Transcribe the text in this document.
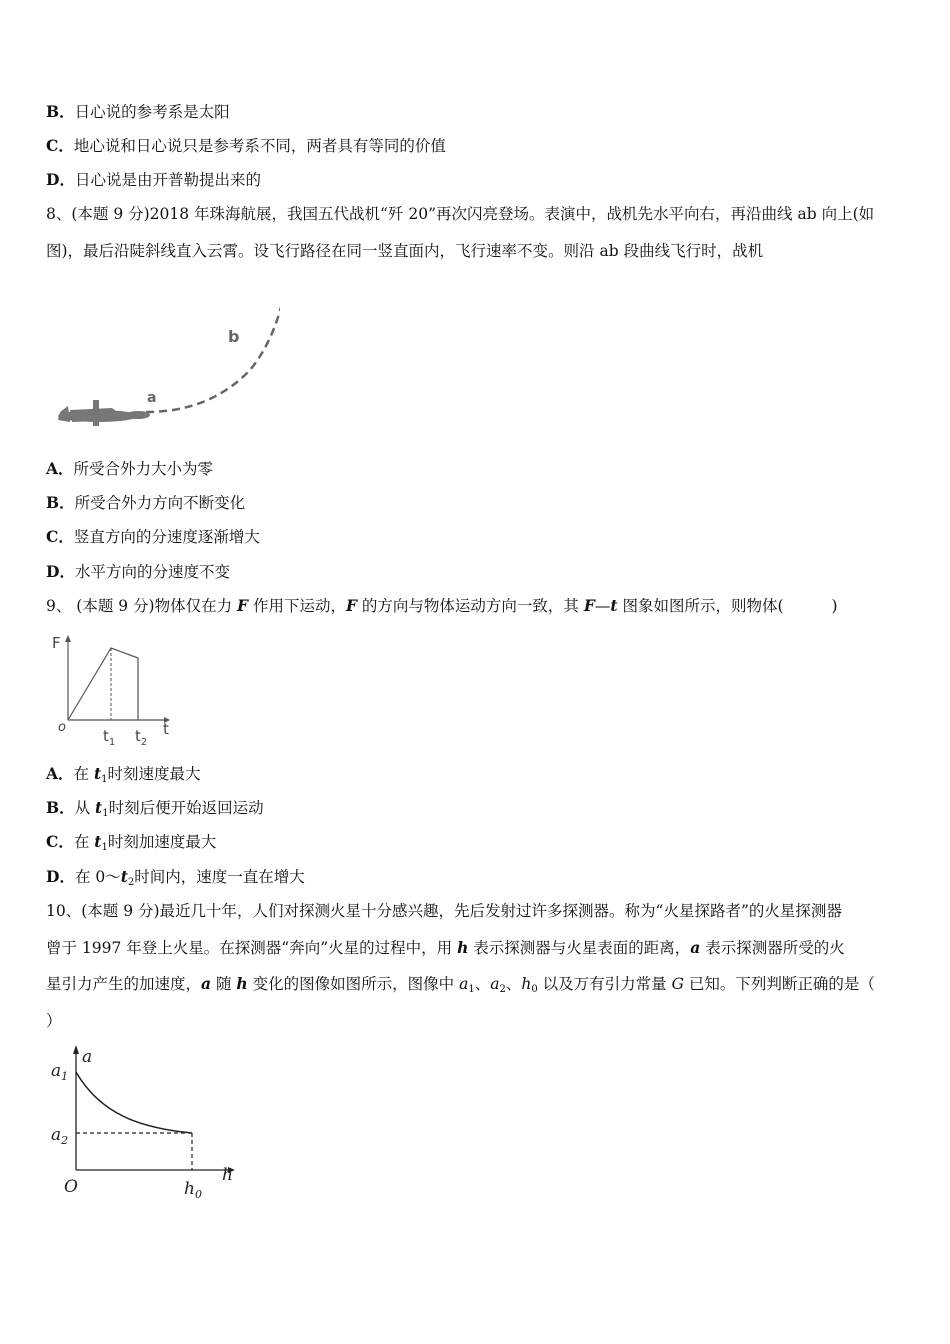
B．日心说的参考系是太阳
C．地心说和日心说只是参考系不同，两者具有等同的价值
D．日心说是由开普勒提出来的
8、(本题 9 分)2018 年珠海航展，我国五代战机“歼 20”再次闪亮登场。表演中，战机先水平向右，再沿曲线 ab 向上(如
图)，最后沿陡斜线直入云霄。设飞行路径在同一竖直面内，飞行速率不变。则沿 ab 段曲线飞行时，战机
a
b
A．所受合外力大小为零
B．所受合外力方向不断变化
C．竖直方向的分速度逐渐增大
D．水平方向的分速度不变
9、 (本题 9 分)物体仅在力 F 作用下运动，F 的方向与物体运动方向一致，其 F—t 图象如图所示，则物体(	)
F
o $t_1$ $t_2$
t
A．在 $t_1$时刻速度最大
B．从 $t_1$时刻后便开始返回运动
C．在 $t_1$时刻加速度最大
D．在 $0\sim t_2$时间内，速度一直在增大
10、(本题 9 分)最近几十年，人们对探测火星十分感兴趣，先后发射过许多探测器。称为“火星探路者”的火星探测器
曾于 1997 年登上火星。在探测器“奔向”火星的过程中，用 h 表示探测器与火星表面的距离，a 表示探测器所受的火
星引力产生的加速度，a 随 h 变化的图像如图所示，图像中 $a_1$、$a_2$、$h_0$ 以及万有引力常量 G 已知。下列判断正确的是（
）
a
$a_1$
$a_2$
O
h
$h_0$
